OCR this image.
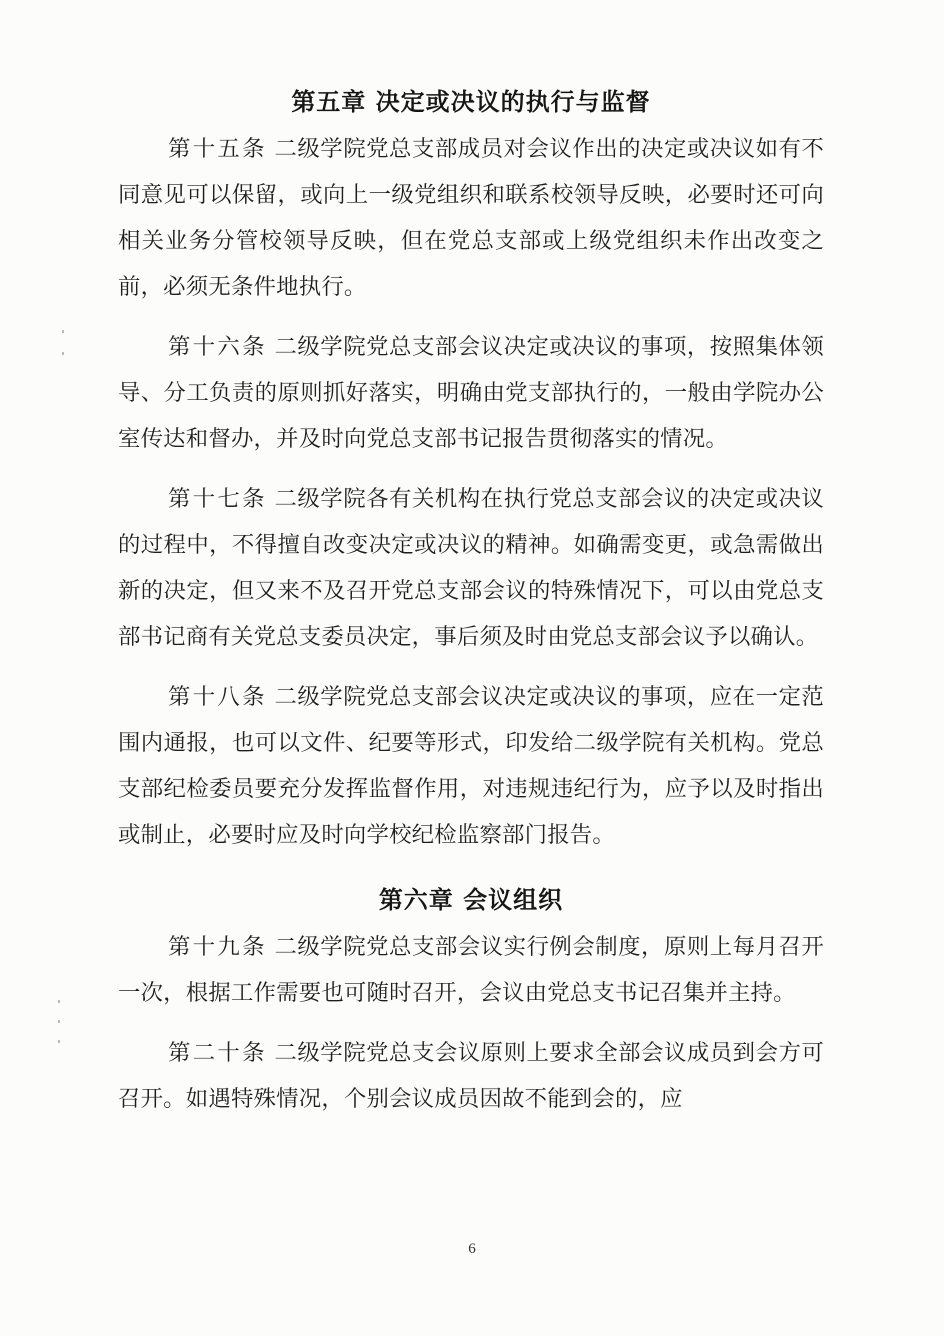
第五章 决定或决议的执行与监督

第十五条 二级学院党总支部成员对会议作出的决定或决议如有不同意见可以保留，或向上一级党组织和联系校领导反映，必要时还可向相关业务分管校领导反映，但在党总支部或上级党组织未作出改变之前，必须无条件地执行。

第十六条 二级学院党总支部会议决定或决议的事项，按照集体领导、分工负责的原则抓好落实，明确由党支部执行的，一般由学院办公室传达和督办，并及时向党总支部书记报告贯彻落实的情况。

第十七条 二级学院各有关机构在执行党总支部会议的决定或决议的过程中，不得擅自改变决定或决议的精神。如确需变更，或急需做出新的决定，但又来不及召开党总支部会议的特殊情况下，可以由党总支部书记商有关党总支委员决定，事后须及时由党总支部会议予以确认。

第十八条 二级学院党总支部会议决定或决议的事项，应在一定范围内通报，也可以文件、纪要等形式，印发给二级学院有关机构。党总支部纪检委员要充分发挥监督作用，对违规违纪行为，应予以及时指出或制止，必要时应及时向学校纪检监察部门报告。

第六章 会议组织

第十九条 二级学院党总支部会议实行例会制度，原则上每月召开一次，根据工作需要也可随时召开，会议由党总支书记召集并主持。

第二十条 二级学院党总支会议原则上要求全部会议成员到会方可召开。如遇特殊情况，个别会议成员因故不能到会的，应

6
